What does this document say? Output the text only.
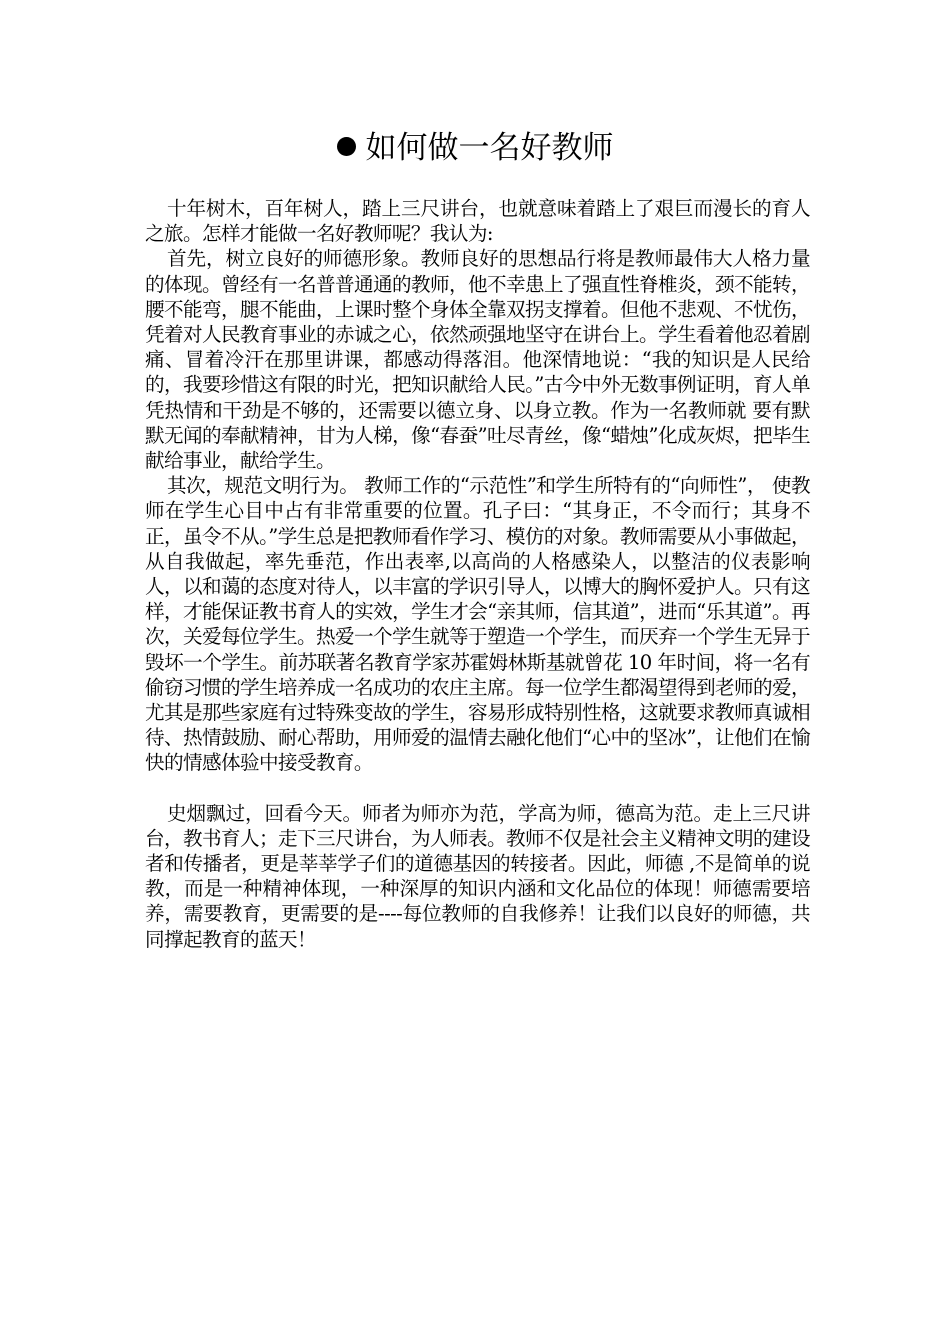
如何做一名好教师

十年树木，百年树人，踏上三尺讲台，也就意味着踏上了艰巨而漫长的育人之旅。怎样才能做一名好教师呢？我认为:

首先，树立良好的师德形象。教师良好的思想品行将是教师最伟大人格力量的体现。曾经有一名普普通通的教师，他不幸患上了强直性脊椎炎，颈不能转，腰不能弯，腿不能曲，上课时整个身体全靠双拐支撑着。但他不悲观、不忧伤，凭着对人民教育事业的赤诚之心，依然顽强地坚守在讲台上。学生看着他忍着剧痛、冒着冷汗在那里讲课，都感动得落泪。他深情地说：“我的知识是人民给的，我要珍惜这有限的时光，把知识献给人民。”古今中外无数事例证明，育人单凭热情和干劲是不够的，还需要以德立身、以身立教。作为一名教师就 要有默默无闻的奉献精神，甘为人梯，像“春蚕”吐尽青丝，像“蜡烛”化成灰烬，把毕生献给事业，献给学生。

其次，规范文明行为。 教师工作的“示范性”和学生所特有的“向师性”， 使教师在学生心目中占有非常重要的位置。孔子曰：“其身正，不令而行；其身不正，虽令不从。”学生总是把教师看作学习、模仿的对象。教师需要从小事做起，从自我做起，率先垂范，作出表率,以高尚的人格感染人，以整洁的仪表影响人，以和蔼的态度对待人，以丰富的学识引导人，以博大的胸怀爱护人。只有这样，才能保证教书育人的实效，学生才会“亲其师，信其道”，进而“乐其道”。再次，关爱每位学生。热爱一个学生就等于塑造一个学生，而厌弃一个学生无异于毁坏一个学生。前苏联著名教育学家苏霍姆林斯基就曾花 10 年时间，将一名有偷窃习惯的学生培养成一名成功的农庄主席。每一位学生都渴望得到老师的爱，尤其是那些家庭有过特殊变故的学生，容易形成特别性格，这就要求教师真诚相待、热情鼓励、耐心帮助，用师爱的温情去融化他们“心中的坚冰”，让他们在愉快的情感体验中接受教育。

史烟飘过，回看今天。师者为师亦为范，学高为师，德高为范。走上三尺讲台，教书育人；走下三尺讲台，为人师表。教师不仅是社会主义精神文明的建设者和传播者，更是莘莘学子们的道德基因的转接者。因此，师德 ,不是简单的说教，而是一种精神体现，一种深厚的知识内涵和文化品位的体现！师德需要培养，需要教育，更需要的是----每位教师的自我修养！让我们以良好的师德，共同撑起教育的蓝天！
